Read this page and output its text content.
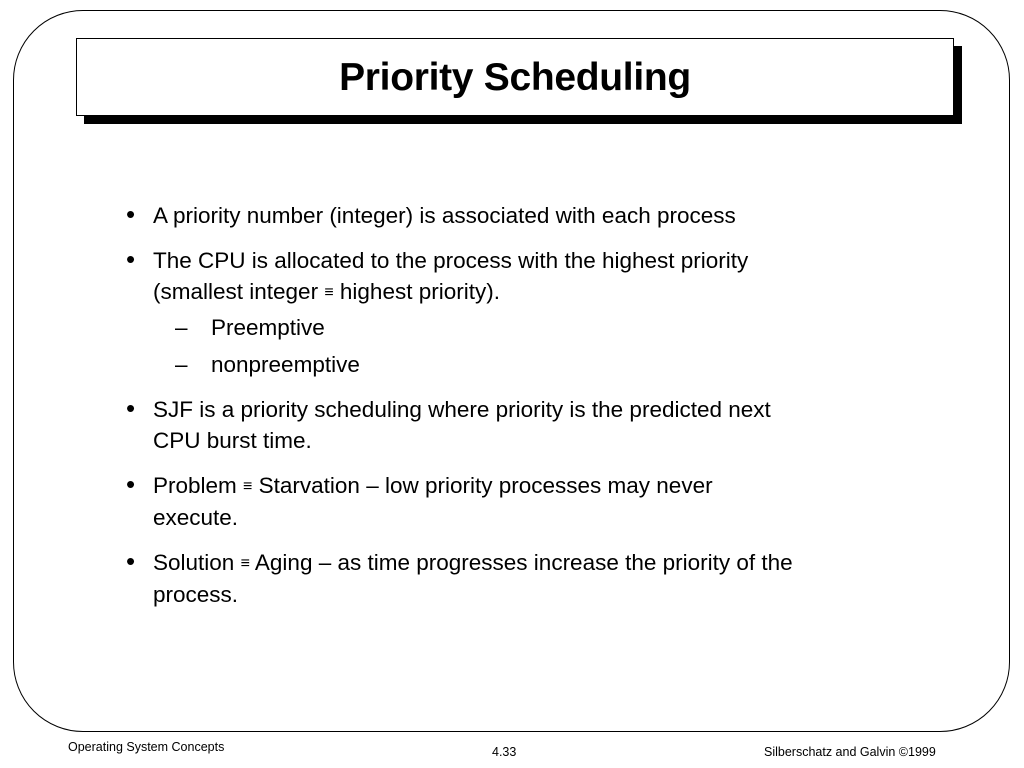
Priority Scheduling
• A priority number (integer) is associated with each process
• The CPU is allocated to the process with the highest priority
(smallest integer ≡ highest priority).
– Preemptive
– nonpreemptive
• SJF is a priority scheduling where priority is the predicted next
CPU burst time.
• Problem ≡ Starvation – low priority processes may never
execute.
• Solution ≡ Aging – as time progresses increase the priority of the
process.
Operating System Concepts	4.33	Silberschatz and Galvin ©1999
